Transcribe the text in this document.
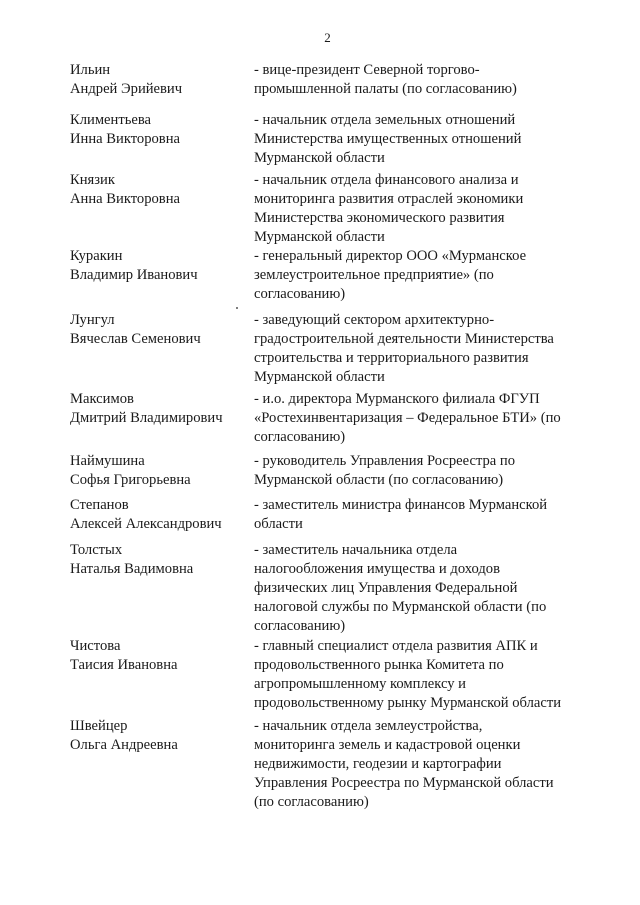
2
Ильин
Андрей Эрийевич
- вице-президент Северной торгово-
промышленной палаты (по согласованию)
Климентьева
Инна Викторовна
- начальник отдела земельных отношений
Министерства имущественных отношений
Мурманской области
Князик
Анна Викторовна
- начальник отдела финансового анализа и
мониторинга развития отраслей экономики
Министерства экономического развития
Мурманской области
Куракин
Владимир Иванович
- генеральный директор ООО «Мурманское
землеустроительное предприятие» (по
согласованию)
Лунгул
Вячеслав Семенович
- заведующий сектором архитектурно-
градостроительной деятельности Министерства
строительства и территориального развития
Мурманской области
Максимов
Дмитрий Владимирович
- и.о. директора Мурманского филиала ФГУП
«Ростехинвентаризация – Федеральное БТИ» (по
согласованию)
Наймушина
Софья Григорьевна
- руководитель Управления Росреестра по
Мурманской области (по согласованию)
Степанов
Алексей Александрович
- заместитель министра финансов Мурманской
области
Толстых
Наталья Вадимовна
- заместитель начальника отдела
налогообложения имущества и доходов
физических лиц Управления Федеральной
налоговой службы по Мурманской области (по
согласованию)
Чистова
Таисия Ивановна
- главный специалист отдела развития АПК и
продовольственного рынка Комитета по
агропромышленному комплексу и
продовольственному рынку Мурманской области
Швейцер
Ольга Андреевна
- начальник отдела землеустройства,
мониторинга земель и кадастровой оценки
недвижимости, геодезии и картографии
Управления Росреестра по Мурманской области
(по согласованию)
